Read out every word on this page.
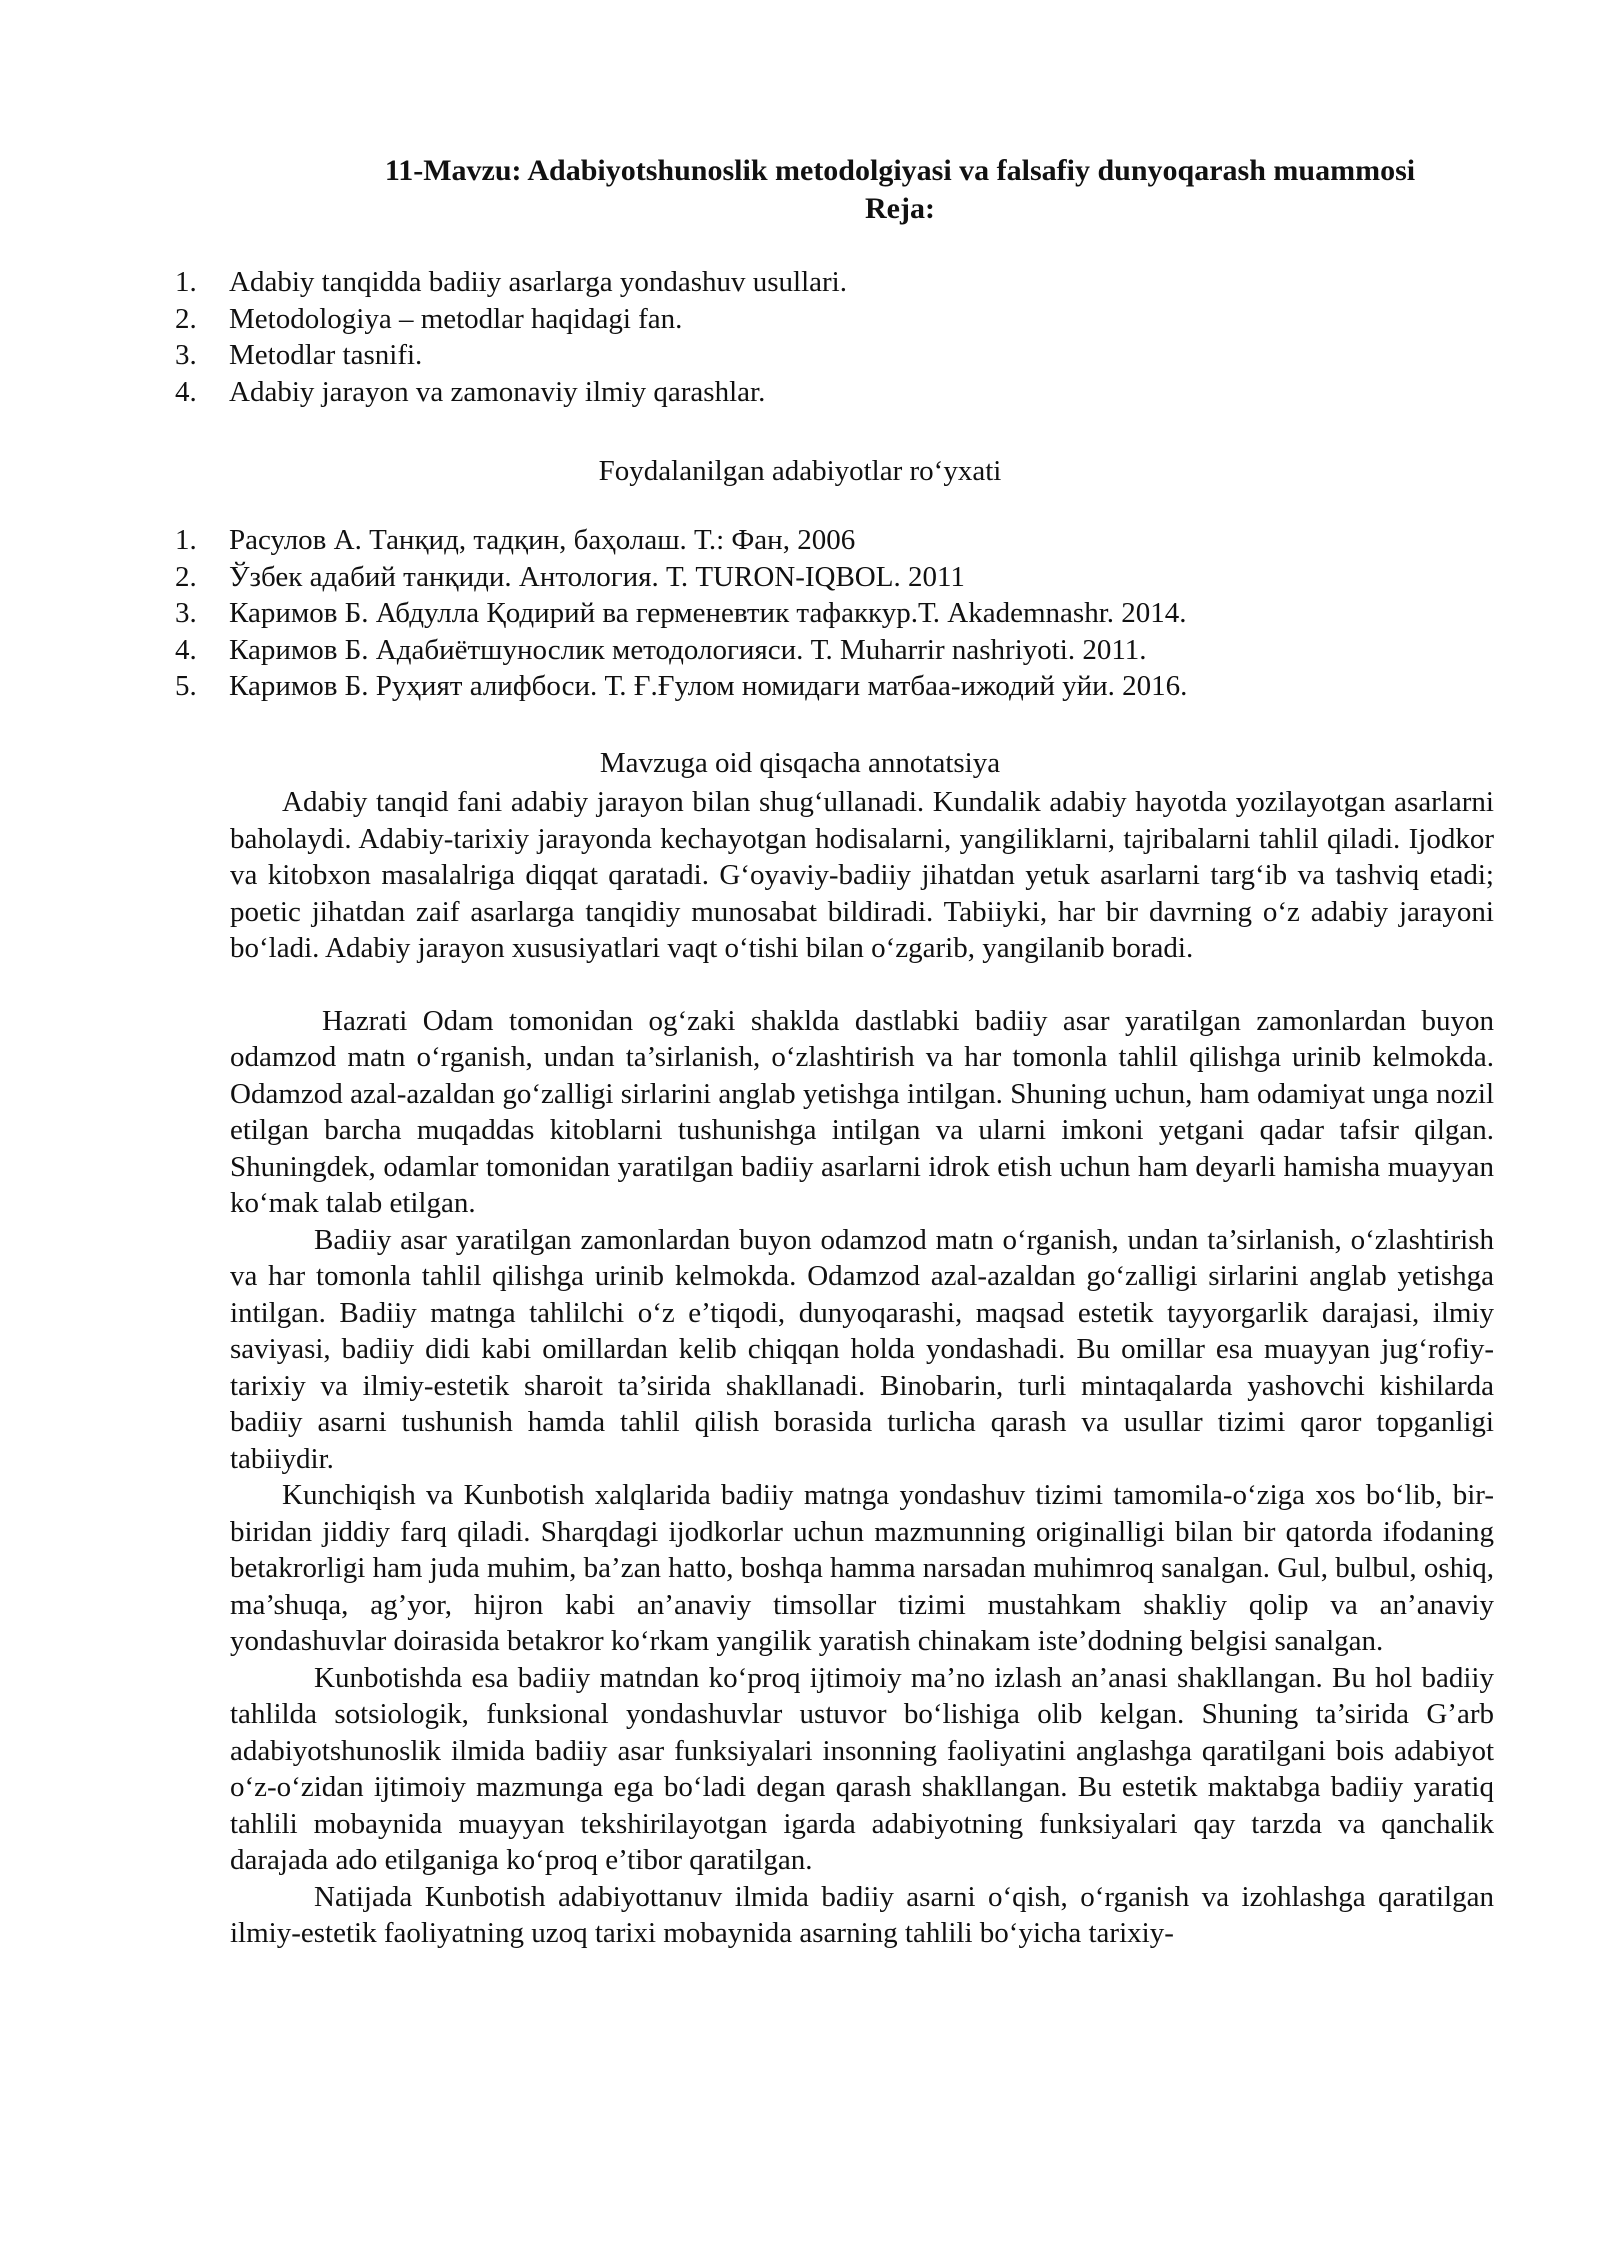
11-Mavzu: Adabiyotshunoslik metodolgiyasi va falsafiy dunyoqarash muammosi
Reja:
1.	Adabiy tanqidda badiiy asarlarga yondashuv usullari.
2.	Metodologiya – metodlar haqidagi fan.
3.	Metodlar tasnifi.
4.	Adabiy jarayon va zamonaviy ilmiy qarashlar.
Foydalanilgan adabiyotlar ro‘yxati
1.	Расулов А. Танқид, тадқин, баҳолаш. Т.: Фан, 2006
2.	Ўзбек адабий танқиди. Антология. Т. TURON-IQBOL. 2011
3.	Каримов Б. Абдулла Қодирий ва герменевтик тафаккур.Т. Akademnashr. 2014.
4.	Каримов Б. Адабиётшунослик методологияси. Т. Muharrir nashriyoti. 2011.
5.	Каримов Б. Руҳият алифбоси. Т. Ғ.Ғулом номидаги матбаа-ижодий уйи. 2016.
Mavzuga oid qisqacha annotatsiya

Adabiy tanqid fani adabiy jarayon bilan shug‘ullanadi. Kundalik adabiy hayotda yozilayotgan asarlarni baholaydi. Adabiy-tarixiy jarayonda kechayotgan hodisalarni, yangiliklarni, tajribalarni tahlil qiladi. Ijodkor va kitobxon masalalriga diqqat qaratadi. G‘oyaviy-badiiy jihatdan yetuk asarlarni targ‘ib va tashviq etadi; poetic jihatdan zaif asarlarga tanqidiy munosabat bildiradi. Tabiiyki, har bir davrning o‘z adabiy jarayoni bo‘ladi. Adabiy jarayon xususiyatlari vaqt o‘tishi bilan o‘zgarib, yangilanib boradi.

Hazrati Odam tomonidan og‘zaki shaklda dastlabki badiiy asar yaratilgan zamonlardan buyon odamzod matn o‘rganish, undan ta’sirlanish, o‘zlashtirish va har tomonla tahlil qilishga urinib kelmokda. Odamzod azal-azaldan go‘zalligi sirlarini anglab yetishga intilgan. Shuning uchun, ham odamiyat unga nozil etilgan barcha muqaddas kitoblarni tushunishga intilgan va ularni imkoni yetgani qadar tafsir qilgan. Shuningdek, odamlar tomonidan yaratilgan badiiy asarlarni idrok etish uchun ham deyarli hamisha muayyan ko‘mak talab etilgan.

Badiiy asar yaratilgan zamonlardan buyon odamzod matn o‘rganish, undan ta’sirlanish, o‘zlashtirish va har tomonla tahlil qilishga urinib kelmokda. Odamzod azal-azaldan go‘zalligi sirlarini anglab yetishga intilgan. Badiiy matnga tahlilchi o‘z e’tiqodi, dunyoqarashi, maqsad estetik tayyorgarlik darajasi, ilmiy saviyasi, badiiy didi kabi omillardan kelib chiqqan holda yondashadi. Bu omillar esa muayyan jug‘rofiy-tarixiy va ilmiy-estetik sharoit ta’sirida shakllanadi. Binobarin, turli mintaqalarda yashovchi kishilarda badiiy asarni tushunish hamda tahlil qilish borasida turlicha qarash va usullar tizimi qaror topganligi tabiiydir.

Kunchiqish va Kunbotish xalqlarida badiiy matnga yondashuv tizimi tamomila-o‘ziga xos bo‘lib, bir-biridan jiddiy farq qiladi. Sharqdagi ijodkorlar uchun mazmunning originalligi bilan bir qatorda ifodaning betakrorligi ham juda muhim, ba’zan hatto, boshqa hamma narsadan muhimroq sanalgan. Gul, bulbul, oshiq, ma’shuqa, ag’yor, hijron kabi an’anaviy timsollar tizimi mustahkam shakliy qolip va an’anaviy yondashuvlar doirasida betakror ko‘rkam yangilik yaratish chinakam iste’dodning belgisi sanalgan.

Kunbotishda esa badiiy matndan ko‘proq ijtimoiy ma’no izlash an’anasi shakllangan. Bu hol badiiy tahlilda sotsiologik, funksional yondashuvlar ustuvor bo‘lishiga olib kelgan. Shuning ta’sirida G’arb adabiyotshunoslik ilmida badiiy asar funksiyalari insonning faoliyatini anglashga qaratilgani bois adabiyot o‘z-o‘zidan ijtimoiy mazmunga ega bo‘ladi degan qarash shakllangan. Bu estetik maktabga badiiy yaratiq tahlili mobaynida muayyan tekshirilayotgan igarda adabiyotning funksiyalari qay tarzda va qanchalik darajada ado etilganiga ko‘proq e’tibor qaratilgan.

Natijada Kunbotish adabiyottanuv ilmida badiiy asarni o‘qish, o‘rganish va izohlashga qaratilgan ilmiy-estetik faoliyatning uzoq tarixi mobaynida asarning tahlili bo‘yicha tarixiy-
